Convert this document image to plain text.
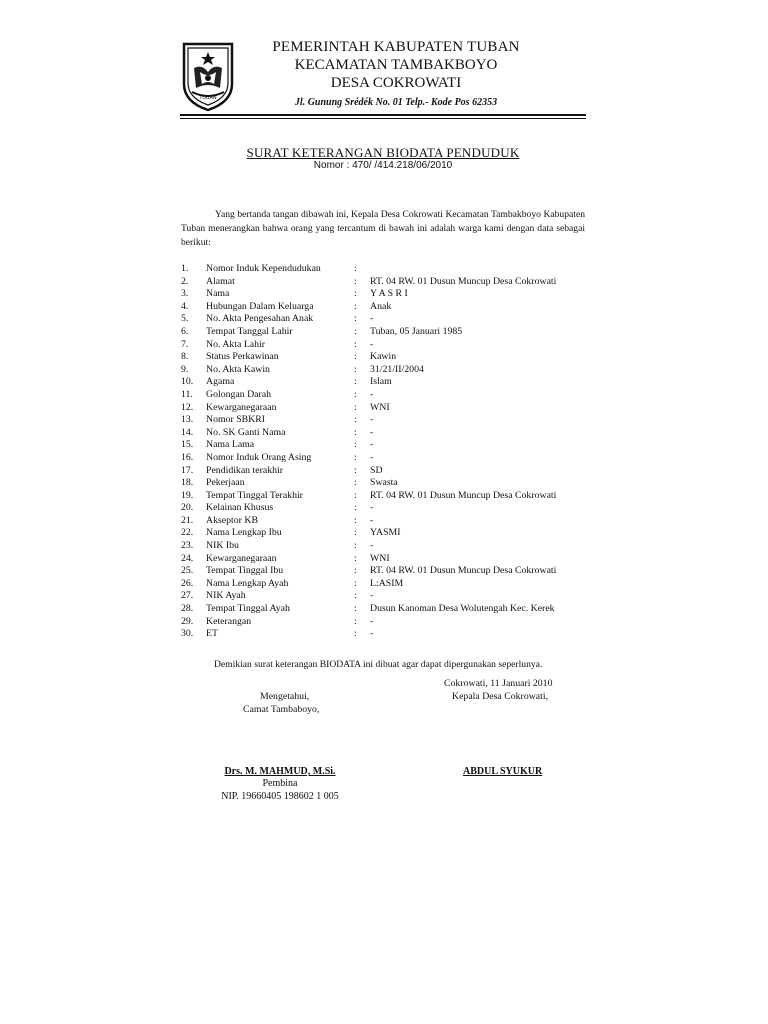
TUBAN
PEMERINTAH KABUPATEN TUBAN
KECAMATAN TAMBAKBOYO
DESA COKROWATI
Jl. Gunung Srédék No. 01 Telp.- Kode Pos 62353
SURAT KETERANGAN BIODATA PENDUDUK
Nomor : 470/ /414.218/06/2010
Yang bertanda tangan dibawah ini, Kepala Desa Cokrowati Kecamatan Tambakboyo Kabupaten Tuban menerangkan bahwa orang yang tercantum di bawah ini adalah warga kami dengan data sebagai berikut:
1. Nomor Induk Kependudukan	:
2. Alamat	: RT. 04 RW. 01 Dusun Muncup Desa Cokrowati
3. Nama	: Y A S R I
4. Hubungan Dalam Keluarga	: Anak
5. No. Akta Pengesahan Anak	: -
6. Tempat Tanggal Lahir	: Tuban, 05 Januari 1985
7. No. Akta Lahir	: -
8. Status Perkawinan	: Kawin
9. No. Akta Kawin	: 31/21/II/2004
10. Agama	: Islam
11. Golongan Darah	: -
12. Kewarganegaraan	: WNI
13. Nomor SBKRI	: -
14. No. SK Ganti Nama	: -
15. Nama Lama	: -
16. Nomor Induk Orang Asing	: -
17. Pendidikan terakhir	: SD
18. Pekerjaan	: Swasta
19. Tempat Tinggal Terakhir	: RT. 04 RW. 01 Dusun Muncup Desa Cokrowati
20. Kelainan Khusus	: -
21. Akseptor KB	: -
22. Nama Lengkap Ibu	: YASMI
23. NIK Ibu	: -
24. Kewarganegaraan	: WNI
25. Tempat Tinggal Ibu	: RT. 04 RW. 01 Dusun Muncup Desa Cokrowati
26. Nama Lengkap Ayah	: L:ASIM
27. NIK Ayah	: -
28. Tempat Tinggal Ayah	: Dusun Kanoman Desa Wolutengah Kec. Kerek
29. Keterangan	: -
30. ET	: -
Demikian surat keterangan BIODATA ini dibuat agar dapat dipergunakan seperlunya.
Cokrowati, 11 Januari 2010
Kepala Desa Cokrowati,
Mengetahui,
Camat Tambaboyo,
Drs. M. MAHMUD, M.Si.
Pembina
NIP. 19660405 198602 1 005
ABDUL SYUKUR
